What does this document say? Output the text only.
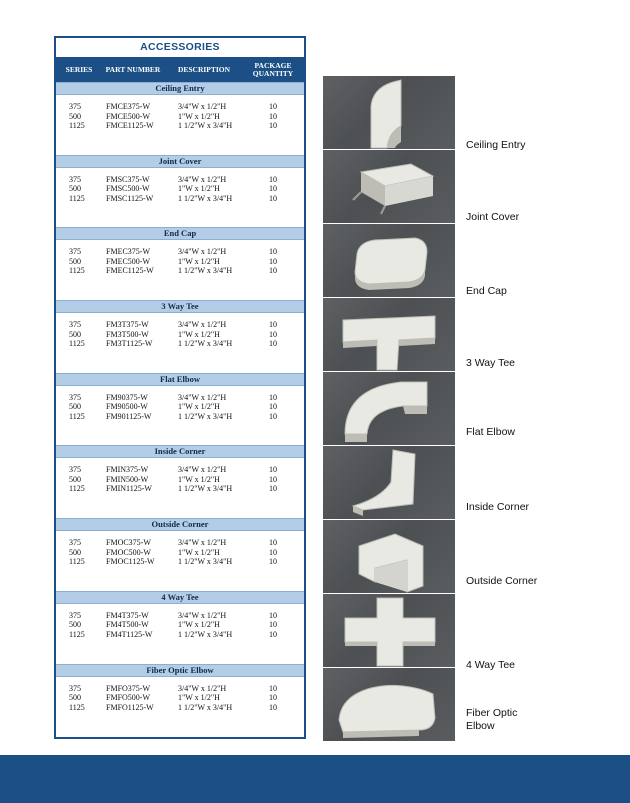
ACCESSORIES
SERIES	PART NUMBER	DESCRIPTION	PACKAGE QUANTITY
Ceiling Entry
375	FMCE375-W	3/4"W x 1/2"H	10
500	FMCE500-W	1"W x 1/2"H	10
1125	FMCE1125-W	1 1/2"W x 3/4"H	10
Joint Cover
375	FMSC375-W	3/4"W x 1/2"H	10
500	FMSC500-W	1"W x 1/2"H	10
1125	FMSC1125-W	1 1/2"W x 3/4"H	10
End Cap
375	FMEC375-W	3/4"W x 1/2"H	10
500	FMEC500-W	1"W x 1/2"H	10
1125	FMEC1125-W	1 1/2"W x 3/4"H	10
3 Way Tee
375	FM3T375-W	3/4"W x 1/2"H	10
500	FM3T500-W	1"W x 1/2"H	10
1125	FM3T1125-W	1 1/2"W x 3/4"H	10
Flat Elbow
375	FM90375-W	3/4"W x 1/2"H	10
500	FM90500-W	1"W x 1/2"H	10
1125	FM901125-W	1 1/2"W x 3/4"H	10
Inside Corner
375	FMIN375-W	3/4"W x 1/2"H	10
500	FMIN500-W	1"W x 1/2"H	10
1125	FMIN1125-W	1 1/2"W x 3/4"H	10
Outside Corner
375	FMOC375-W	3/4"W x 1/2"H	10
500	FMOC500-W	1"W x 1/2"H	10
1125	FMOC1125-W	1 1/2"W x 3/4"H	10
4 Way Tee
375	FM4T375-W	3/4"W x 1/2"H	10
500	FM4T500-W	1"W x 1/2"H	10
1125	FM4T1125-W	1 1/2"W x 3/4"H	10
Fiber Optic Elbow
375	FMFO375-W	3/4"W x 1/2"H	10
500	FMFO500-W	1"W x 1/2"H	10
1125	FMFO1125-W	1 1/2"W x 3/4"H	10
Ceiling Entry
Joint Cover
End Cap
3 Way Tee
Flat Elbow
Inside Corner
Outside Corner
4 Way Tee
Fiber Optic Elbow
